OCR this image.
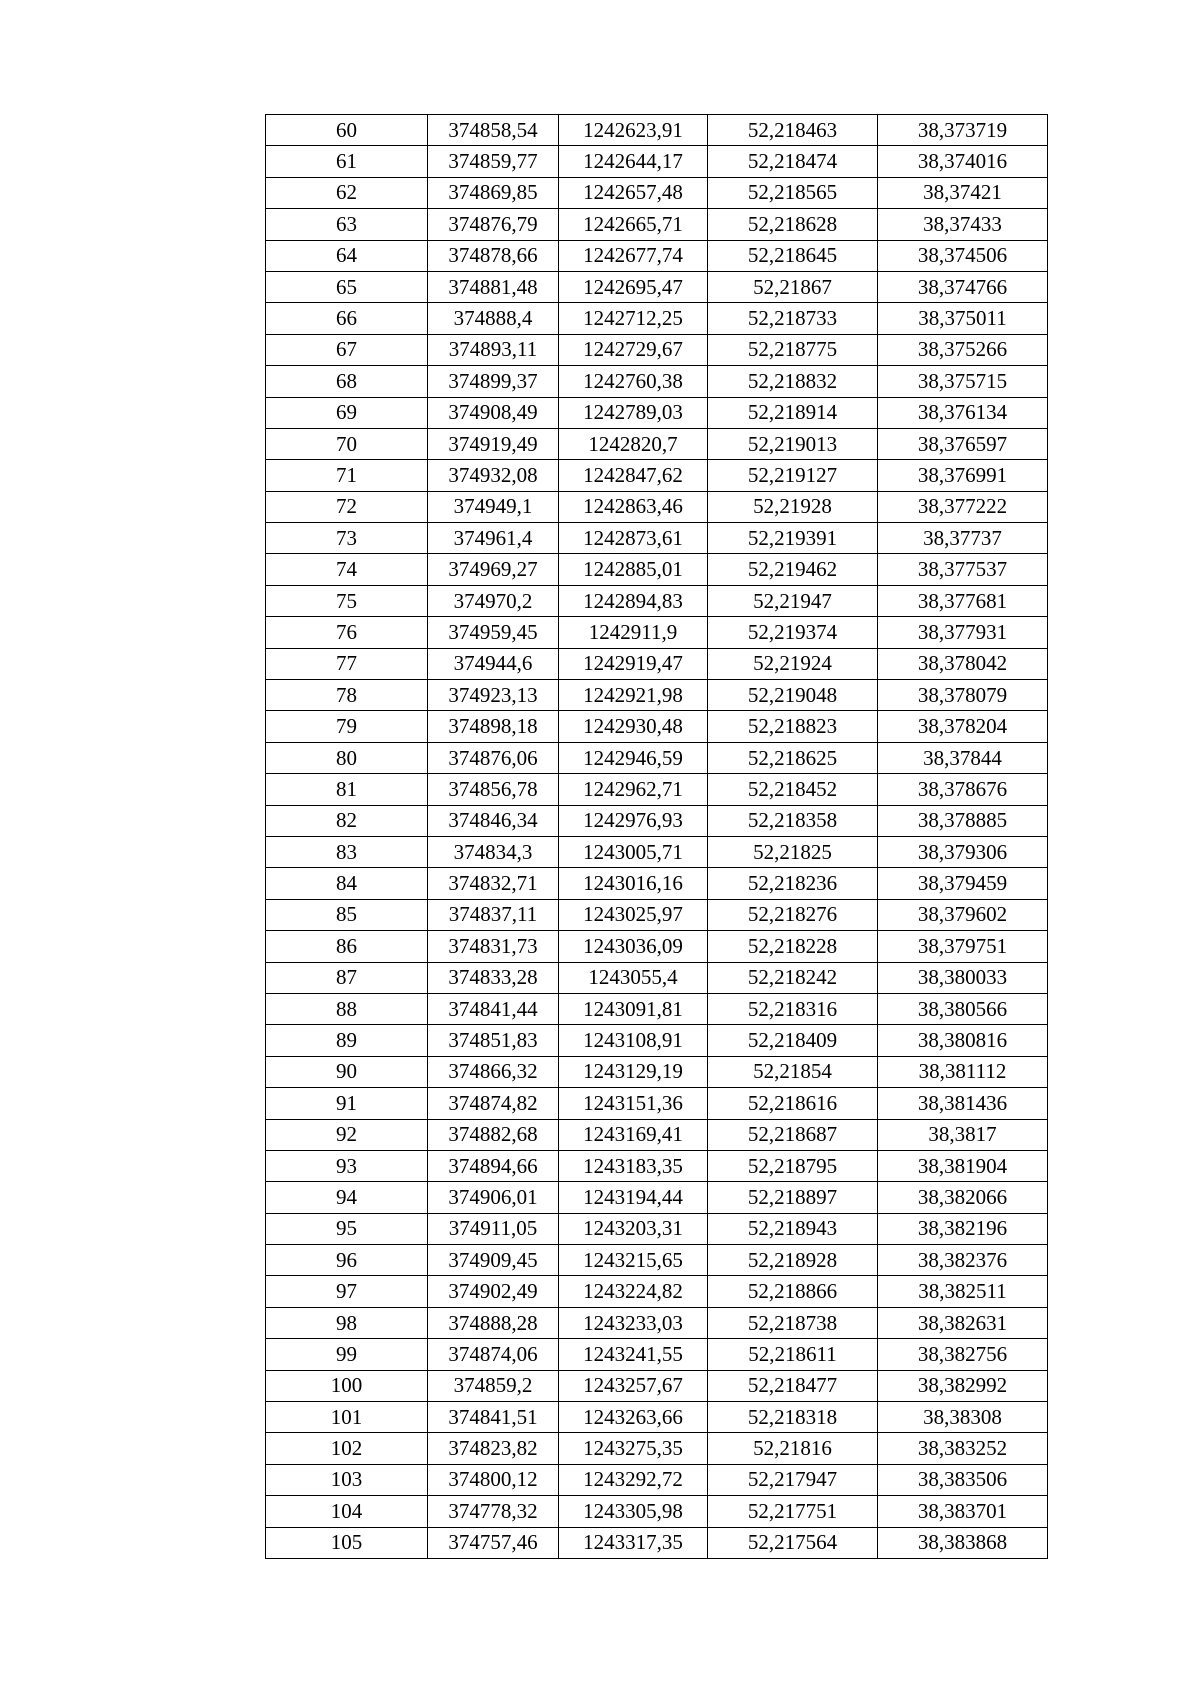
60	374858,54	1242623,91	52,218463	38,373719
61	374859,77	1242644,17	52,218474	38,374016
62	374869,85	1242657,48	52,218565	38,37421
63	374876,79	1242665,71	52,218628	38,37433
64	374878,66	1242677,74	52,218645	38,374506
65	374881,48	1242695,47	52,21867	38,374766
66	374888,4	1242712,25	52,218733	38,375011
67	374893,11	1242729,67	52,218775	38,375266
68	374899,37	1242760,38	52,218832	38,375715
69	374908,49	1242789,03	52,218914	38,376134
70	374919,49	1242820,7	52,219013	38,376597
71	374932,08	1242847,62	52,219127	38,376991
72	374949,1	1242863,46	52,21928	38,377222
73	374961,4	1242873,61	52,219391	38,37737
74	374969,27	1242885,01	52,219462	38,377537
75	374970,2	1242894,83	52,21947	38,377681
76	374959,45	1242911,9	52,219374	38,377931
77	374944,6	1242919,47	52,21924	38,378042
78	374923,13	1242921,98	52,219048	38,378079
79	374898,18	1242930,48	52,218823	38,378204
80	374876,06	1242946,59	52,218625	38,37844
81	374856,78	1242962,71	52,218452	38,378676
82	374846,34	1242976,93	52,218358	38,378885
83	374834,3	1243005,71	52,21825	38,379306
84	374832,71	1243016,16	52,218236	38,379459
85	374837,11	1243025,97	52,218276	38,379602
86	374831,73	1243036,09	52,218228	38,379751
87	374833,28	1243055,4	52,218242	38,380033
88	374841,44	1243091,81	52,218316	38,380566
89	374851,83	1243108,91	52,218409	38,380816
90	374866,32	1243129,19	52,21854	38,381112
91	374874,82	1243151,36	52,218616	38,381436
92	374882,68	1243169,41	52,218687	38,3817
93	374894,66	1243183,35	52,218795	38,381904
94	374906,01	1243194,44	52,218897	38,382066
95	374911,05	1243203,31	52,218943	38,382196
96	374909,45	1243215,65	52,218928	38,382376
97	374902,49	1243224,82	52,218866	38,382511
98	374888,28	1243233,03	52,218738	38,382631
99	374874,06	1243241,55	52,218611	38,382756
100	374859,2	1243257,67	52,218477	38,382992
101	374841,51	1243263,66	52,218318	38,38308
102	374823,82	1243275,35	52,21816	38,383252
103	374800,12	1243292,72	52,217947	38,383506
104	374778,32	1243305,98	52,217751	38,383701
105	374757,46	1243317,35	52,217564	38,383868
